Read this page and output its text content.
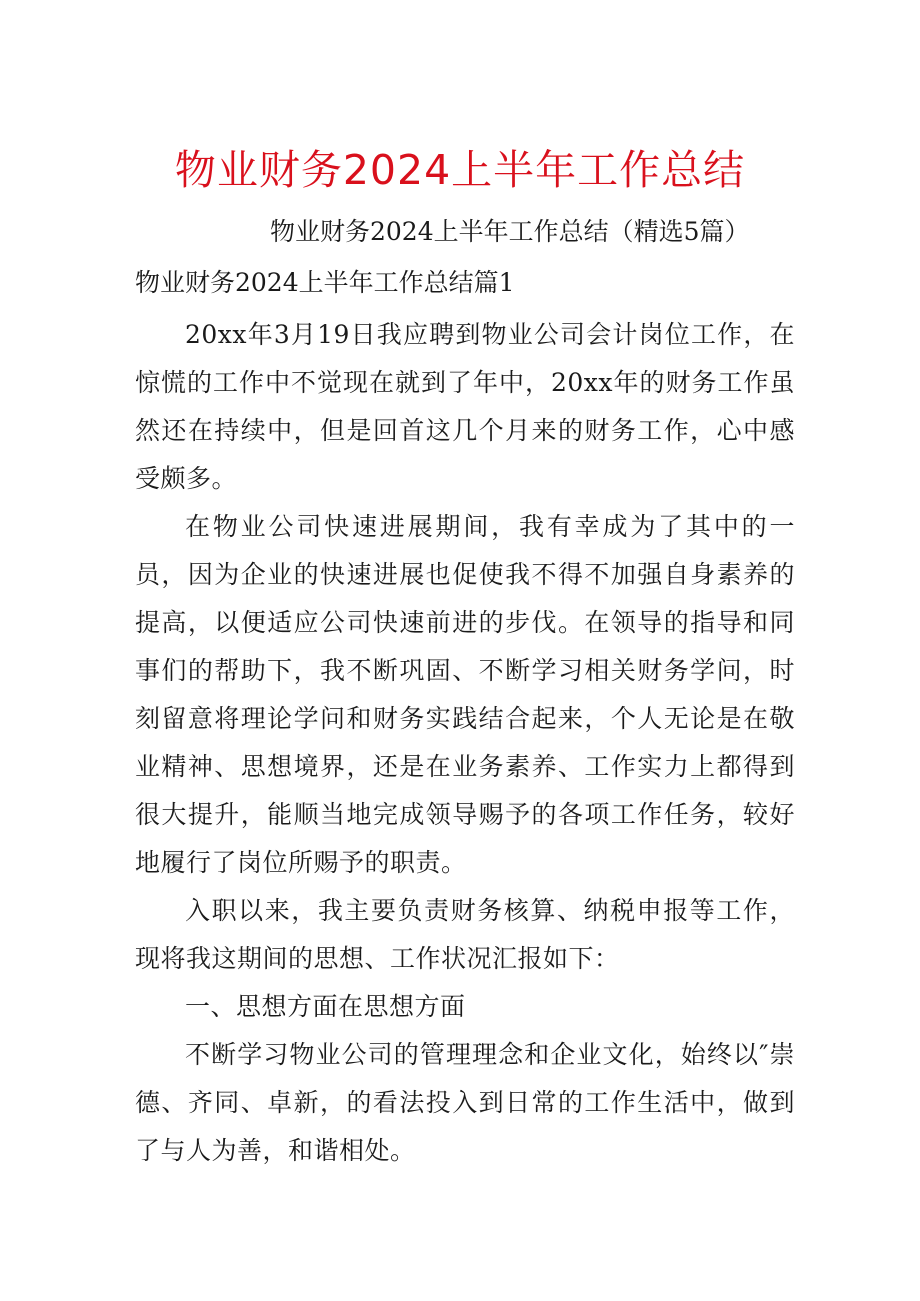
物业财务2024上半年工作总结
物业财务2024上半年工作总结（精选5篇）
物业财务2024上半年工作总结篇1

20xx年3月19日我应聘到物业公司会计岗位工作，在惊慌的工作中不觉现在就到了年中，20xx年的财务工作虽然还在持续中，但是回首这几个月来的财务工作，心中感受颇多。

在物业公司快速进展期间，我有幸成为了其中的一员，因为企业的快速进展也促使我不得不加强自身素养的提高，以便适应公司快速前进的步伐。在领导的指导和同事们的帮助下，我不断巩固、不断学习相关财务学问，时刻留意将理论学问和财务实践结合起来，个人无论是在敬业精神、思想境界，还是在业务素养、工作实力上都得到很大提升，能顺当地完成领导赐予的各项工作任务，较好地履行了岗位所赐予的职责。

入职以来，我主要负责财务核算、纳税申报等工作，现将我这期间的思想、工作状况汇报如下：

一、思想方面在思想方面

不断学习物业公司的管理理念和企业文化，始终以″崇德、齐同、卓新，的看法投入到日常的工作生活中，做到了与人为善，和谐相处。
